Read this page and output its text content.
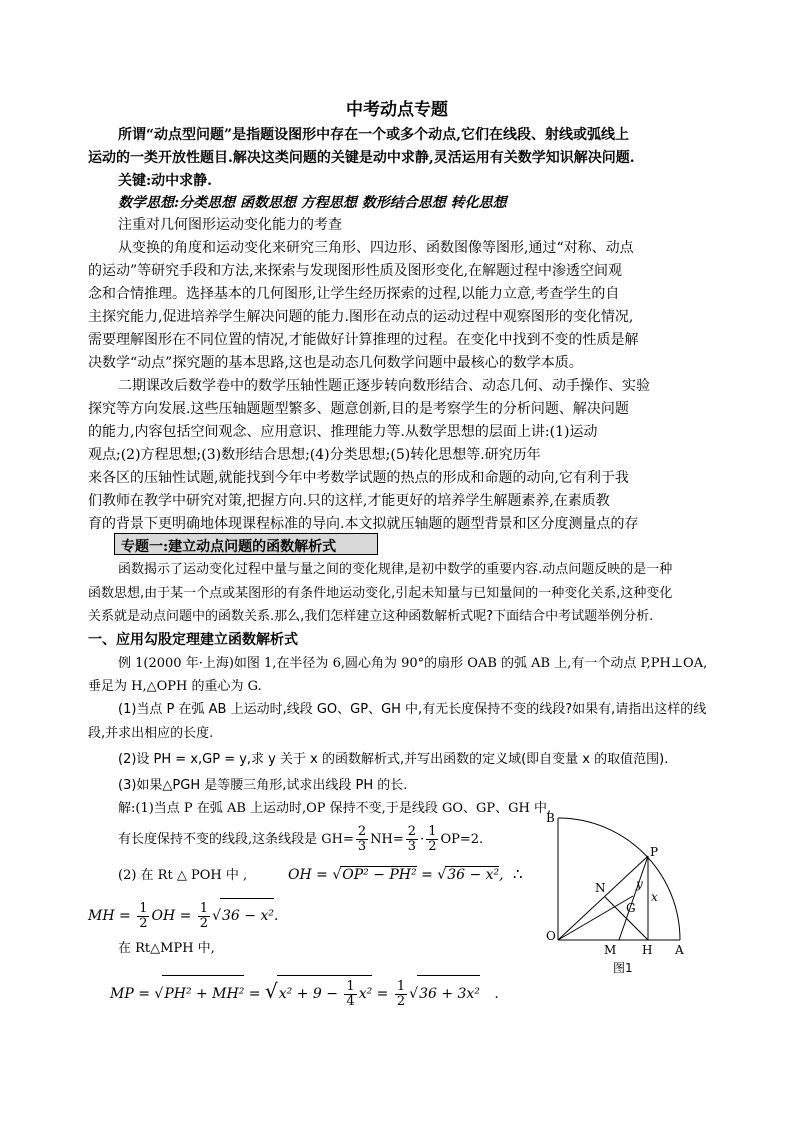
中考动点专题
所谓“动点型问题”是指题设图形中存在一个或多个动点,它们在线段、射线或弧线上
运动的一类开放性题目.解决这类问题的关键是动中求静,灵活运用有关数学知识解决问题.
关键:动中求静.
数学思想:分类思想 函数思想 方程思想 数形结合思想 转化思想
注重对几何图形运动变化能力的考查
从变换的角度和运动变化来研究三角形、四边形、函数图像等图形,通过“对称、动点
的运动”等研究手段和方法,来探索与发现图形性质及图形变化,在解题过程中渗透空间观
念和合情推理。选择基本的几何图形,让学生经历探索的过程,以能力立意,考查学生的自
主探究能力,促进培养学生解决问题的能力.图形在动点的运动过程中观察图形的变化情况,
需要理解图形在不同位置的情况,才能做好计算推理的过程。在变化中找到不变的性质是解
决数学“动点”探究题的基本思路,这也是动态几何数学问题中最核心的数学本质。
二期课改后数学卷中的数学压轴性题正逐步转向数形结合、动态几何、动手操作、实验
探究等方向发展.这些压轴题题型繁多、题意创新,目的是考察学生的分析问题、解决问题
的能力,内容包括空间观念、应用意识、推理能力等.从数学思想的层面上讲:(1)运动
观点;(2)方程思想;(3)数形结合思想;(4)分类思想;(5)转化思想等.研究历年
来各区的压轴性试题,就能找到今年中考数学试题的热点的形成和命题的动向,它有利于我
们教师在教学中研究对策,把握方向.只的这样,才能更好的培养学生解题素养,在素质教
育的背景下更明确地体现课程标准的导向.本文拟就压轴题的题型背景和区分度测量点的存
专题一:建立动点问题的函数解析式
函数揭示了运动变化过程中量与量之间的变化规律,是初中数学的重要内容.动点问题反映的是一种
函数思想,由于某一个点或某图形的有条件地运动变化,引起未知量与已知量间的一种变化关系,这种变化
关系就是动点问题中的函数关系.那么,我们怎样建立这种函数解析式呢?下面结合中考试题举例分析.
一、应用勾股定理建立函数解析式
例 1(2000 年·上海)如图 1,在半径为 6,圆心角为 90°的扇形 OAB 的弧 AB 上,有一个动点 P,PH⊥OA,
垂足为 H,△OPH 的重心为 G.
(1)当点 P 在弧 AB 上运动时,线段 GO、GP、GH 中,有无长度保持不变的线段?如果有,请指出这样的线
段,并求出相应的长度.
(2)设 PH = x,GP = y,求 y 关于 x 的函数解析式,并写出函数的定义域(即自变量 x 的取值范围).
(3)如果△PGH 是等腰三角形,试求出线段 PH 的长.
解:(1)当点 P 在弧 AB 上运动时,OP 保持不变,于是线段 GO、GP、GH 中,
有长度保持不变的线段,这条线段是 $GH= \frac{2}{3} NH= \frac{2}{3} \cdot \frac{1}{2} OP=2$.
(2) 在 Rt △ POH 中 ,	OH = √OP² − PH² = √36 − x², ∴
MH = $\frac{1}{2}$ OH = $\frac{1}{2} √36 - x^2$.
在 Rt△MPH 中,
MP = $√PH^2 + MH^2 = √x^2 + 9 - \frac{1}{4} x^2 = \frac{1}{2} √36 + 3x^2$ .
B
P
N	y
G
x
O
M H A
图1
